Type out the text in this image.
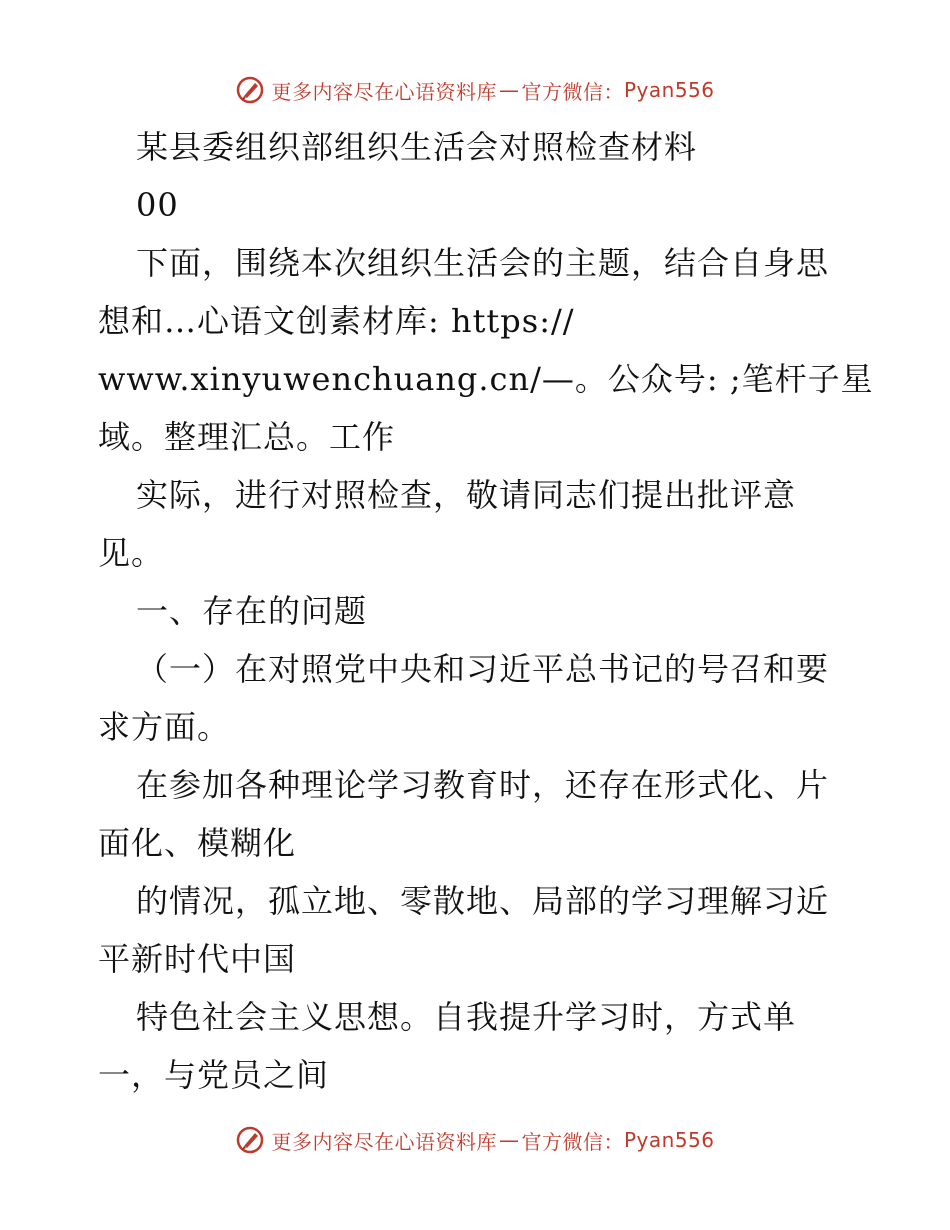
更多内容尽在心语资料库 — 官方微信： Pyan556
某县委组织部组织生活会对照检查材料
00
下面，围绕本次组织生活会的主题，结合自身思
想和…心语文创素材库: https://
www.xinyuwenchuang.cn/—。公众号: ;笔杆子星
域。整理汇总。工作
实际，进行对照检查，敬请同志们提出批评意
见。
一、存在的问题
（一）在对照党中央和习近平总书记的号召和要
求方面。
在参加各种理论学习教育时，还存在形式化、片
面化、模糊化
的情况，孤立地、零散地、局部的学习理解习近
平新时代中国
特色社会主义思想。自我提升学习时，方式单
一，与党员之间
更多内容尽在心语资料库 — 官方微信： Pyan556
